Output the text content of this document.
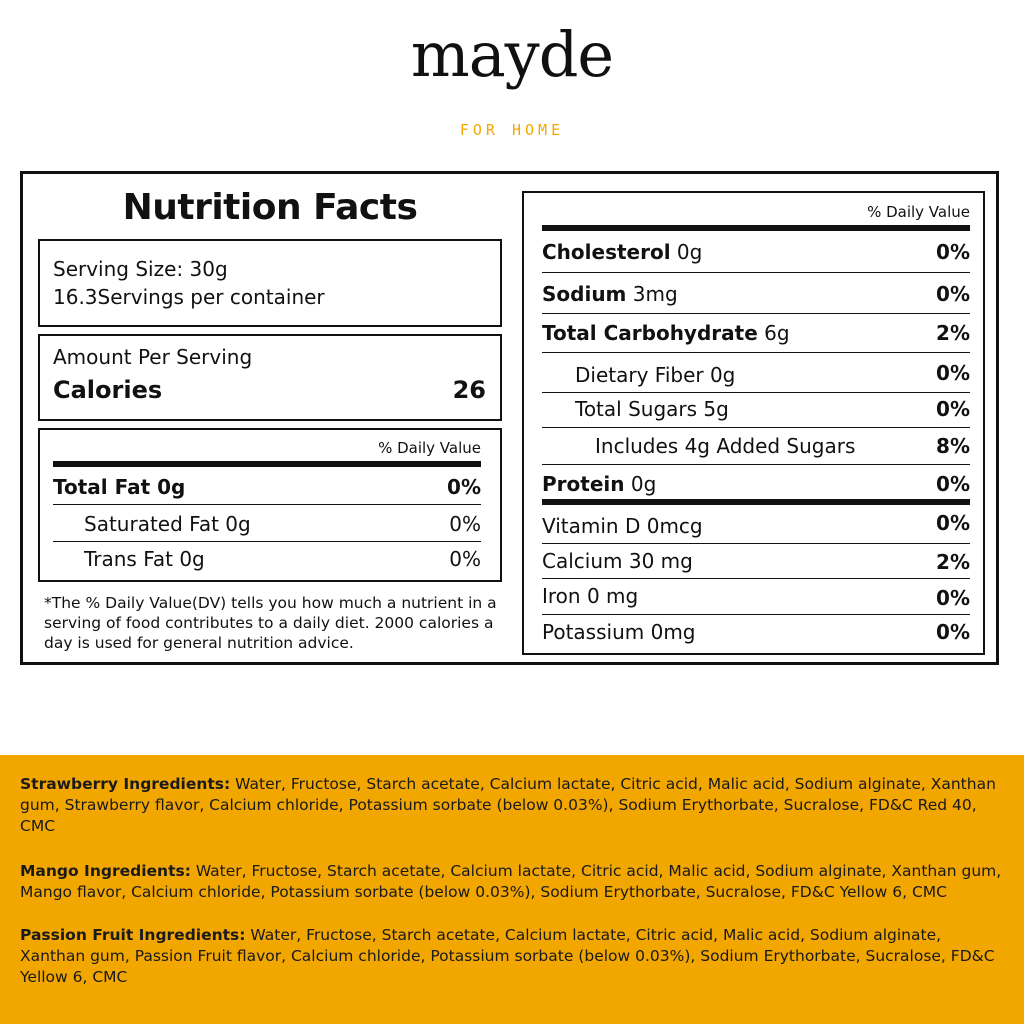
mayde
FOR HOME
Nutrition Facts
Serving Size: 30g
16.3Servings per container
Amount Per Serving
Calories	26
% Daily Value
Total Fat 0g	0%
Saturated Fat 0g	0%
Trans Fat 0g	0%
*The % Daily Value(DV) tells you how much a nutrient in a serving of food contributes to a daily diet. 2000 calories a day is used for general nutrition advice.
% Daily Value
Cholesterol 0g	0%
Sodium 3mg	0%
Total Carbohydrate 6g	2%
Dietary Fiber 0g	0%
Total Sugars 5g	0%
Includes 4g Added Sugars	8%
Protein 0g	0%
Vitamin D 0mcg	0%
Calcium 30 mg	2%
Iron 0 mg	0%
Potassium 0mg	0%
Strawberry Ingredients: Water, Fructose, Starch acetate, Calcium lactate, Citric acid, Malic acid, Sodium alginate, Xanthan gum, Strawberry flavor, Calcium chloride, Potassium sorbate (below 0.03%), Sodium Erythorbate, Sucralose, FD&C Red 40, CMC
Mango Ingredients: Water, Fructose, Starch acetate, Calcium lactate, Citric acid, Malic acid, Sodium alginate, Xanthan gum, Mango flavor, Calcium chloride, Potassium sorbate (below 0.03%), Sodium Erythorbate, Sucralose, FD&C Yellow 6, CMC
Passion Fruit Ingredients: Water, Fructose, Starch acetate, Calcium lactate, Citric acid, Malic acid, Sodium alginate, Xanthan gum, Passion Fruit flavor, Calcium chloride, Potassium sorbate (below 0.03%), Sodium Erythorbate, Sucralose, FD&C Yellow 6, CMC
